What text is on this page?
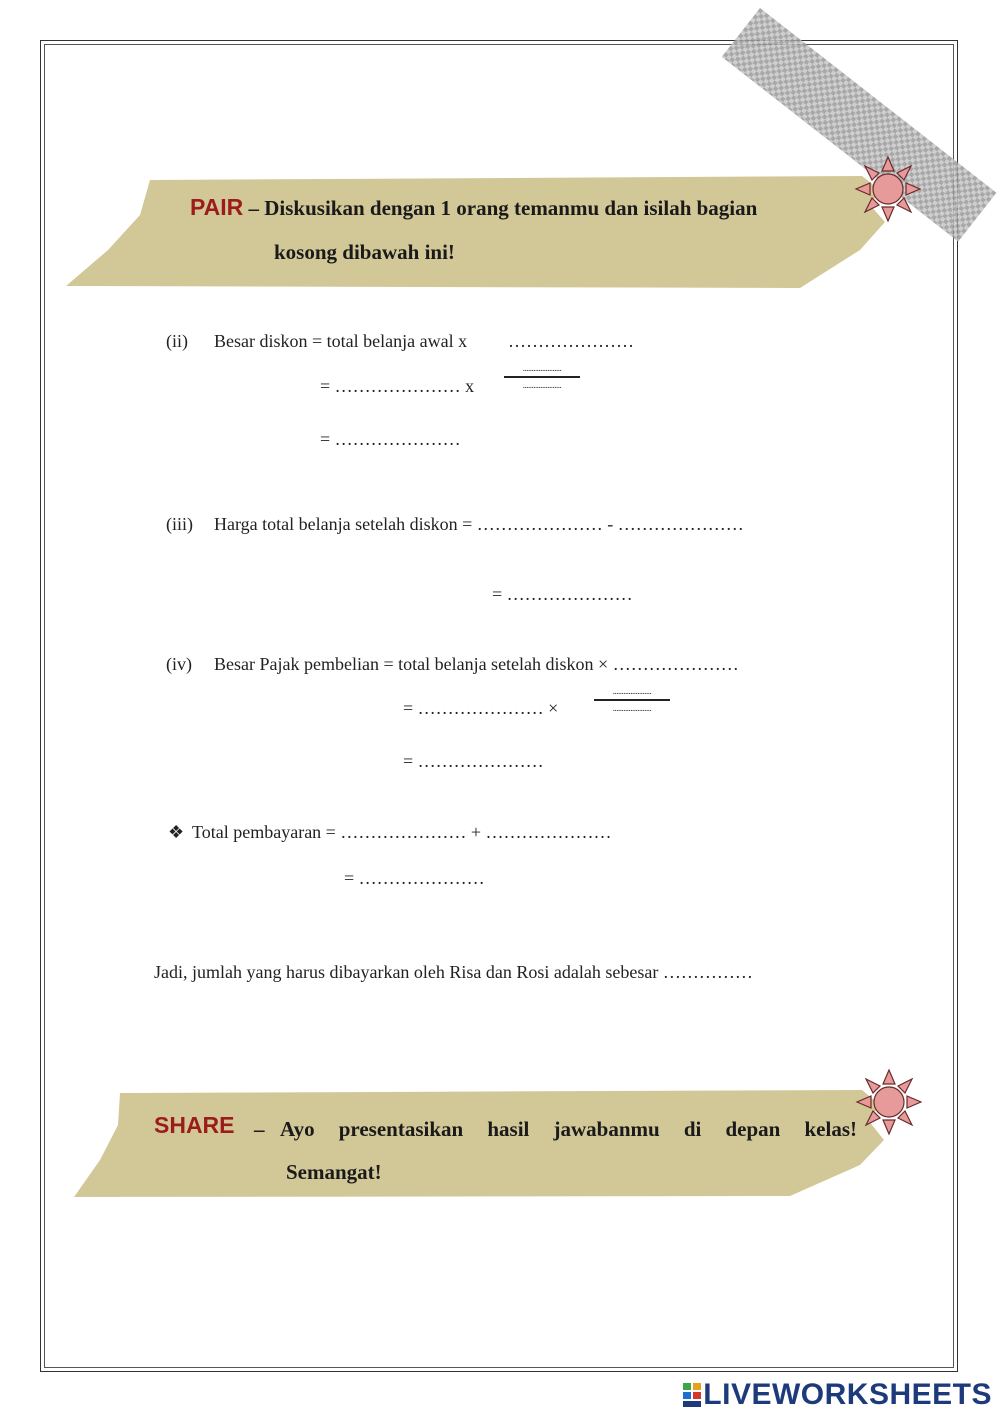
PAIR – Diskusikan dengan 1 orang temanmu dan isilah bagian
kosong dibawah ini!
(ii) Besar diskon = total belanja awal x …………………
= ………………… x
......................
......................
= …………………
(iii) Harga total belanja setelah diskon = ………………… - …………………
= …………………
(iv) Besar Pajak pembelian = total belanja setelah diskon × …………………
= ………………… ×
......................
......................
= …………………
❖ Total pembayaran = ………………… + …………………
= …………………
Jadi, jumlah yang harus dibayarkan oleh Risa dan Rosi adalah sebesar ……………
SHARE – Ayo presentasikan hasil jawabanmu di depan kelas!
Semangat!
LIVEWORKSHEETS
